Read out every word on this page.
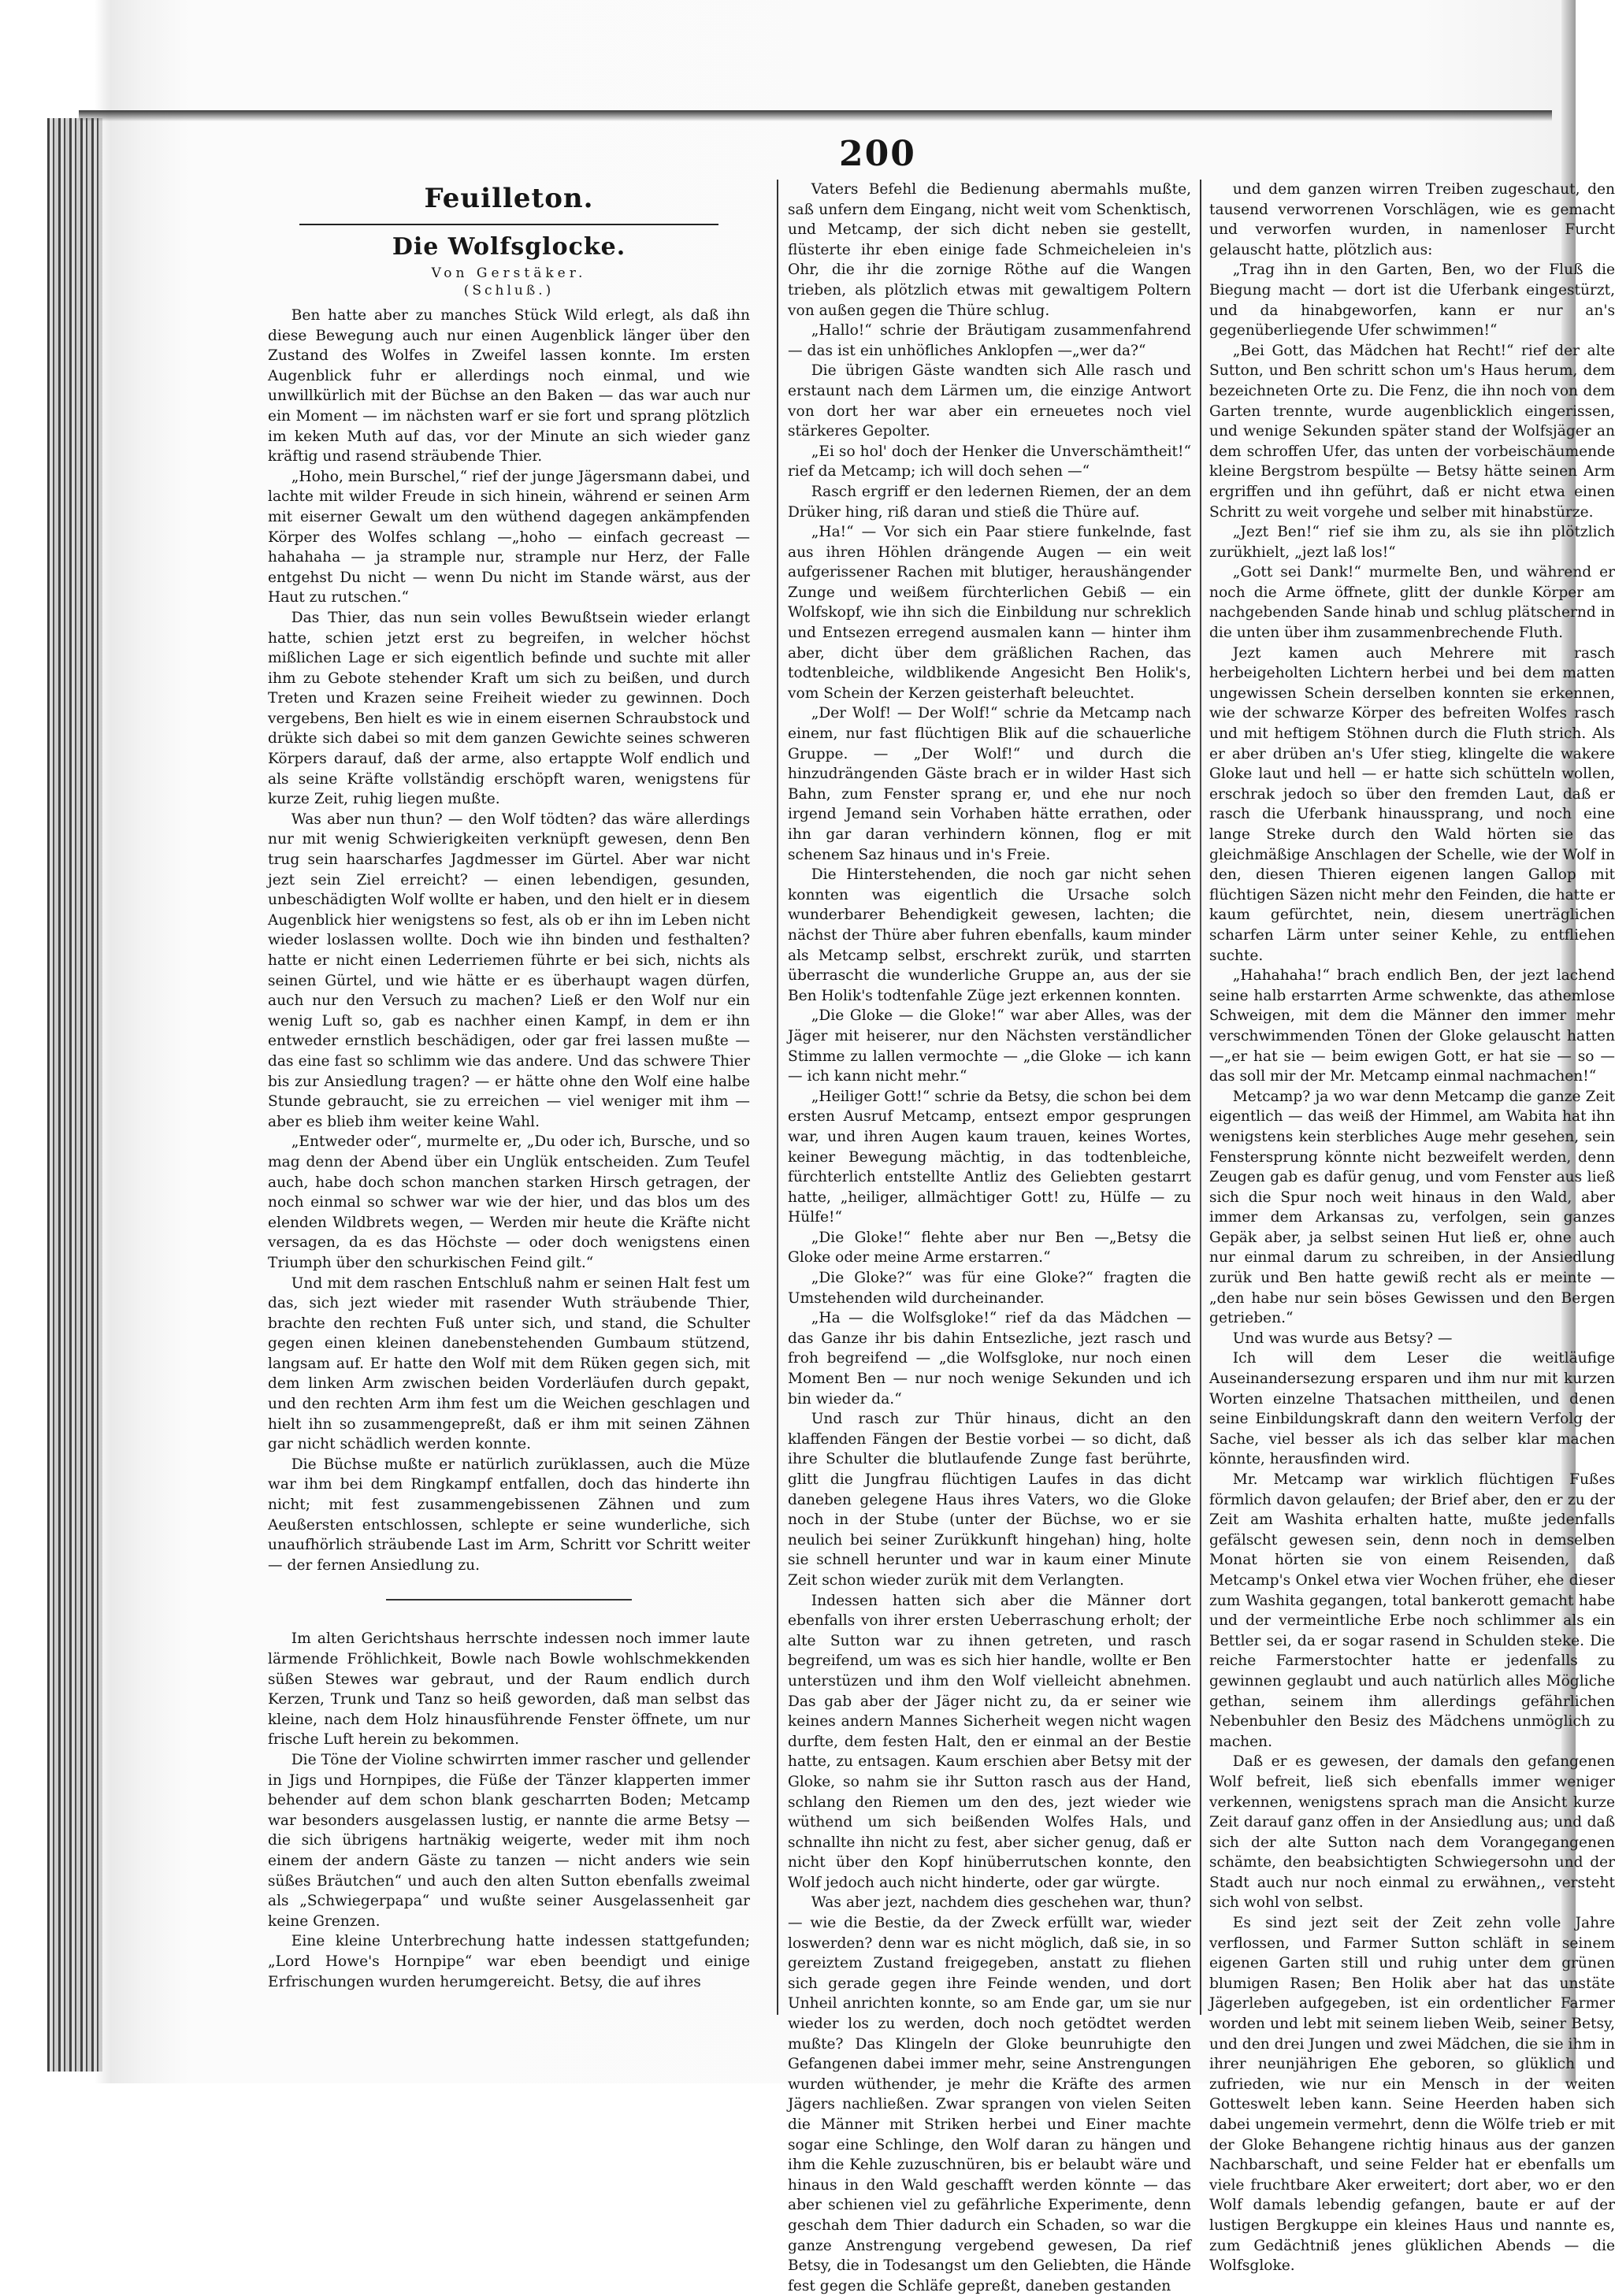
200
Feuilleton.
Die Wolfsglocke.

Von Gerstäker.

(Schluß.)

Ben hatte aber zu manches Stück Wild erlegt, als daß ihn diese Bewegung auch nur einen Augenblick länger über den Zustand des Wolfes in Zweifel lassen konnte. Im ersten Augenblick fuhr er allerdings noch einmal, und wie unwillkürlich mit der Büchse an den Baken — das war auch nur ein Moment — im nächsten warf er sie fort und sprang plötzlich im keken Muth auf das, vor der Minute an sich wieder ganz kräftig und rasend sträubende Thier.

„Hoho, mein Burschel,“ rief der junge Jägersmann dabei, und lachte mit wilder Freude in sich hinein, während er seinen Arm mit eiserner Gewalt um den wüthend dagegen ankämpfenden Körper des Wolfes schlang —„hoho — einfach gecreast — hahahaha — ja strample nur, strample nur Herz, der Falle entgehst Du nicht — wenn Du nicht im Stande wärst, aus der Haut zu rutschen.“

Das Thier, das nun sein volles Bewußtsein wieder erlangt hatte, schien jetzt erst zu begreifen, in welcher höchst mißlichen Lage er sich eigentlich befinde und suchte mit aller ihm zu Gebote stehender Kraft um sich zu beißen, und durch Treten und Krazen seine Freiheit wieder zu gewinnen. Doch vergebens, Ben hielt es wie in einem eisernen Schraubstock und drükte sich dabei so mit dem ganzen Gewichte seines schweren Körpers darauf, daß der arme, also ertappte Wolf endlich und als seine Kräfte vollständig erschöpft waren, wenigstens für kurze Zeit, ruhig liegen mußte.

Was aber nun thun? — den Wolf tödten? das wäre allerdings nur mit wenig Schwierigkeiten verknüpft gewesen, denn Ben trug sein haarscharfes Jagdmesser im Gürtel. Aber war nicht jezt sein Ziel erreicht? — einen lebendigen, gesunden, unbeschädigten Wolf wollte er haben, und den hielt er in diesem Augenblick hier wenigstens so fest, als ob er ihn im Leben nicht wieder loslassen wollte. Doch wie ihn binden und festhalten? hatte er nicht einen Lederriemen führte er bei sich, nichts als seinen Gürtel, und wie hätte er es überhaupt wagen dürfen, auch nur den Versuch zu machen? Ließ er den Wolf nur ein wenig Luft so, gab es nachher einen Kampf, in dem er ihn entweder ernstlich beschädigen, oder gar frei lassen mußte — das eine fast so schlimm wie das andere. Und das schwere Thier bis zur Ansiedlung tragen? — er hätte ohne den Wolf eine halbe Stunde gebraucht, sie zu erreichen — viel weniger mit ihm — aber es blieb ihm weiter keine Wahl.

„Entweder oder“, murmelte er, „Du oder ich, Bursche, und so mag denn der Abend über ein Unglük entscheiden. Zum Teufel auch, habe doch schon manchen starken Hirsch getragen, der noch einmal so schwer war wie der hier, und das blos um des elenden Wildbrets wegen, — Werden mir heute die Kräfte nicht versagen, da es das Höchste — oder doch wenigstens einen Triumph über den schurkischen Feind gilt.“

Und mit dem raschen Entschluß nahm er seinen Halt fest um das, sich jezt wieder mit rasender Wuth sträubende Thier, brachte den rechten Fuß unter sich, und stand, die Schulter gegen einen kleinen danebenstehenden Gumbaum stützend, langsam auf. Er hatte den Wolf mit dem Rüken gegen sich, mit dem linken Arm zwischen beiden Vorderläufen durch gepakt, und den rechten Arm ihm fest um die Weichen geschlagen und hielt ihn so zusammengepreßt, daß er ihm mit seinen Zähnen gar nicht schädlich werden konnte.

Die Büchse mußte er natürlich zurüklassen, auch die Müze war ihm bei dem Ringkampf entfallen, doch das hinderte ihn nicht; mit fest zusammengebissenen Zähnen und zum Aeußersten entschlossen, schlepte er seine wunderliche, sich unaufhörlich sträubende Last im Arm, Schritt vor Schritt weiter — der fernen Ansiedlung zu.

Im alten Gerichtshaus herrschte indessen noch immer laute lärmende Fröhlichkeit, Bowle nach Bowle wohlschmekkenden süßen Stewes war gebraut, und der Raum endlich durch Kerzen, Trunk und Tanz so heiß geworden, daß man selbst das kleine, nach dem Holz hinausführende Fenster öffnete, um nur frische Luft herein zu bekommen.

Die Töne der Violine schwirrten immer rascher und gellender in Jigs und Hornpipes, die Füße der Tänzer klapperten immer behender auf dem schon blank gescharrten Boden; Metcamp war besonders ausgelassen lustig, er nannte die arme Betsy — die sich übrigens hartnäkig weigerte, weder mit ihm noch einem der andern Gäste zu tanzen — nicht anders wie sein süßes Bräutchen“ und auch den alten Sutton ebenfalls zweimal als „Schwiegerpapa“ und wußte seiner Ausgelassenheit gar keine Grenzen.

Eine kleine Unterbrechung hatte indessen stattgefunden; „Lord Howe's Hornpipe“ war eben beendigt und einige Erfrischungen wurden herumgereicht. Betsy, die auf ihres

Vaters Befehl die Bedienung abermahls mußte, saß unfern dem Eingang, nicht weit vom Schenktisch, und Metcamp, der sich dicht neben sie gestellt, flüsterte ihr eben einige fade Schmeicheleien in's Ohr, die ihr die zornige Röthe auf die Wangen trieben, als plötzlich etwas mit gewaltigem Poltern von außen gegen die Thüre schlug.

„Hallo!“ schrie der Bräutigam zusammenfahrend — das ist ein unhöfliches Anklopfen —„wer da?“

Die übrigen Gäste wandten sich Alle rasch und erstaunt nach dem Lärmen um, die einzige Antwort von dort her war aber ein erneuetes noch viel stärkeres Gepolter.

„Ei so hol' doch der Henker die Unverschämtheit!“ rief da Metcamp; ich will doch sehen —“

Rasch ergriff er den ledernen Riemen, der an dem Drüker hing, riß daran und stieß die Thüre auf.

„Ha!“ — Vor sich ein Paar stiere funkelnde, fast aus ihren Höhlen drängende Augen — ein weit aufgerissener Rachen mit blutiger, heraushängender Zunge und weißem fürchterlichen Gebiß — ein Wolfskopf, wie ihn sich die Einbildung nur schreklich und Entsezen erregend ausmalen kann — hinter ihm aber, dicht über dem gräßlichen Rachen, das todtenbleiche, wildblikende Angesicht Ben Holik's, vom Schein der Kerzen geisterhaft beleuchtet.

„Der Wolf! — Der Wolf!“ schrie da Metcamp nach einem, nur fast flüchtigen Blik auf die schauerliche Gruppe. — „Der Wolf!“ und durch die hinzudrängenden Gäste brach er in wilder Hast sich Bahn, zum Fenster sprang er, und ehe nur noch irgend Jemand sein Vorhaben hätte errathen, oder ihn gar daran verhindern können, flog er mit schenem Saz hinaus und in's Freie.

Die Hinterstehenden, die noch gar nicht sehen konnten was eigentlich die Ursache solch wunderbarer Behendigkeit gewesen, lachten; die nächst der Thüre aber fuhren ebenfalls, kaum minder als Metcamp selbst, erschrekt zurük, und starrten überrascht die wunderliche Gruppe an, aus der sie Ben Holik's todtenfahle Züge jezt erkennen konnten.

„Die Gloke — die Gloke!“ war aber Alles, was der Jäger mit heiserer, nur den Nächsten verständlicher Stimme zu lallen vermochte — „die Gloke — ich kann — ich kann nicht mehr.“

„Heiliger Gott!“ schrie da Betsy, die schon bei dem ersten Ausruf Metcamp, entsezt empor gesprungen war, und ihren Augen kaum trauen, keines Wortes, keiner Bewegung mächtig, in das todtenbleiche, fürchterlich entstellte Antliz des Geliebten gestarrt hatte, „heiliger, allmächtiger Gott! zu, Hülfe — zu Hülfe!“

„Die Gloke!“ flehte aber nur Ben —„Betsy die Gloke oder meine Arme erstarren.“

„Die Gloke?“ was für eine Gloke?“ fragten die Umstehenden wild durcheinander.

„Ha — die Wolfsgloke!“ rief da das Mädchen — das Ganze ihr bis dahin Entsezliche, jezt rasch und froh begreifend — „die Wolfsgloke, nur noch einen Moment Ben — nur noch wenige Sekunden und ich bin wieder da.“

Und rasch zur Thür hinaus, dicht an den klaffenden Fängen der Bestie vorbei — so dicht, daß ihre Schulter die blutlaufende Zunge fast berührte, glitt die Jungfrau flüchtigen Laufes in das dicht daneben gelegene Haus ihres Vaters, wo die Gloke noch in der Stube (unter der Büchse, wo er sie neulich bei seiner Zurükkunft hingehan) hing, holte sie schnell herunter und war in kaum einer Minute Zeit schon wieder zurük mit dem Verlangten.

Indessen hatten sich aber die Männer dort ebenfalls von ihrer ersten Ueberraschung erholt; der alte Sutton war zu ihnen getreten, und rasch begreifend, um was es sich hier handle, wollte er Ben unterstüzen und ihm den Wolf vielleicht abnehmen. Das gab aber der Jäger nicht zu, da er seiner wie keines andern Mannes Sicherheit wegen nicht wagen durfte, dem festen Halt, den er einmal an der Bestie hatte, zu entsagen. Kaum erschien aber Betsy mit der Gloke, so nahm sie ihr Sutton rasch aus der Hand, schlang den Riemen um den des, jezt wieder wie wüthend um sich beißenden Wolfes Hals, und schnallte ihn nicht zu fest, aber sicher genug, daß er nicht über den Kopf hinüberrutschen konnte, den Wolf jedoch auch nicht hinderte, oder gar würgte.

Was aber jezt, nachdem dies geschehen war, thun? — wie die Bestie, da der Zweck erfüllt war, wieder loswerden? denn war es nicht möglich, daß sie, in so gereiztem Zustand freigegeben, anstatt zu fliehen sich gerade gegen ihre Feinde wenden, und dort Unheil anrichten konnte, so am Ende gar, um sie nur wieder los zu werden, doch noch getödtet werden mußte? Das Klingeln der Gloke beunruhigte den Gefangenen dabei immer mehr, seine Anstrengungen wurden wüthender, je mehr die Kräfte des armen Jägers nachließen. Zwar sprangen von vielen Seiten die Männer mit Striken herbei und Einer machte sogar eine Schlinge, den Wolf daran zu hängen und ihm die Kehle zuzuschnüren, bis er belaubt wäre und hinaus in den Wald geschafft werden könnte — das aber schienen viel zu gefährliche Experimente, denn geschah dem Thier dadurch ein Schaden, so war die ganze Anstrengung vergebend gewesen, Da rief Betsy, die in Todesangst um den Geliebten, die Hände fest gegen die Schläfe gepreßt, daneben gestanden

und dem ganzen wirren Treiben zugeschaut, den tausend verworrenen Vorschlägen, wie es gemacht und verworfen wurden, in namenloser Furcht gelauscht hatte, plötzlich aus:

„Trag ihn in den Garten, Ben, wo der Fluß die Biegung macht — dort ist die Uferbank eingestürzt, und da hinabgeworfen, kann er nur an's gegenüberliegende Ufer schwimmen!“

„Bei Gott, das Mädchen hat Recht!“ rief der alte Sutton, und Ben schritt schon um's Haus herum, dem bezeichneten Orte zu. Die Fenz, die ihn noch von dem Garten trennte, wurde augenblicklich eingerissen, und wenige Sekunden später stand der Wolfsjäger an dem schroffen Ufer, das unten der vorbeischäumende kleine Bergstrom bespülte — Betsy hätte seinen Arm ergriffen und ihn geführt, daß er nicht etwa einen Schritt zu weit vorgehe und selber mit hinabstürze.

„Jezt Ben!“ rief sie ihm zu, als sie ihn plötzlich zurükhielt, „jezt laß los!“

„Gott sei Dank!“ murmelte Ben, und während er noch die Arme öffnete, glitt der dunkle Körper am nachgebenden Sande hinab und schlug plätschernd in die unten über ihm zusammenbrechende Fluth.

Jezt kamen auch Mehrere mit rasch herbeigeholten Lichtern herbei und bei dem matten ungewissen Schein derselben konnten sie erkennen, wie der schwarze Körper des befreiten Wolfes rasch und mit heftigem Stöhnen durch die Fluth strich. Als er aber drüben an's Ufer stieg, klingelte die wakere Gloke laut und hell — er hatte sich schütteln wollen, erschrak jedoch so über den fremden Laut, daß er rasch die Uferbank hinaussprang, und noch eine lange Streke durch den Wald hörten sie das gleichmäßige Anschlagen der Schelle, wie der Wolf in den, diesen Thieren eigenen langen Gallop mit flüchtigen Säzen nicht mehr den Feinden, die hatte er kaum gefürchtet, nein, diesem unerträglichen scharfen Lärm unter seiner Kehle, zu entfliehen suchte.

„Hahahaha!“ brach endlich Ben, der jezt lachend seine halb erstarrten Arme schwenkte, das athemlose Schweigen, mit dem die Männer den immer mehr verschwimmenden Tönen der Gloke gelauscht hatten —„er hat sie — beim ewigen Gott, er hat sie — so — das soll mir der Mr. Metcamp einmal nachmachen!“

Metcamp? ja wo war denn Metcamp die ganze Zeit eigentlich — das weiß der Himmel, am Wabita hat ihn wenigstens kein sterbliches Auge mehr gesehen, sein Fenstersprung könnte nicht bezweifelt werden, denn Zeugen gab es dafür genug, und vom Fenster aus ließ sich die Spur noch weit hinaus in den Wald, aber immer dem Arkansas zu, verfolgen, sein ganzes Gepäk aber, ja selbst seinen Hut ließ er, ohne auch nur einmal darum zu schreiben, in der Ansiedlung zurük und Ben hatte gewiß recht als er meinte — „den habe nur sein böses Gewissen und den Bergen getrieben.“

Und was wurde aus Betsy? —

Ich will dem Leser die weitläufige Auseinandersezung ersparen und ihm nur mit kurzen Worten einzelne Thatsachen mittheilen, und denen seine Einbildungskraft dann den weitern Verfolg der Sache, viel besser als ich das selber klar machen könnte, herausfinden wird.

Mr. Metcamp war wirklich flüchtigen Fußes förmlich davon gelaufen; der Brief aber, den er zu der Zeit am Washita erhalten hatte, mußte jedenfalls gefälscht gewesen sein, denn noch in demselben Monat hörten sie von einem Reisenden, daß Metcamp's Onkel etwa vier Wochen früher, ehe dieser zum Washita gegangen, total bankerott gemacht habe und der vermeintliche Erbe noch schlimmer als ein Bettler sei, da er sogar rasend in Schulden steke. Die reiche Farmerstochter hatte er jedenfalls zu gewinnen geglaubt und auch natürlich alles Mögliche gethan, seinem ihm allerdings gefährlichen Nebenbuhler den Besiz des Mädchens unmöglich zu machen.

Daß er es gewesen, der damals den gefangenen Wolf befreit, ließ sich ebenfalls immer weniger verkennen, wenigstens sprach man die Ansicht kurze Zeit darauf ganz offen in der Ansiedlung aus; und daß sich der alte Sutton nach dem Vorangegangenen schämte, den beabsichtigten Schwiegersohn und der Stadt auch nur noch einmal zu erwähnen,, versteht sich wohl von selbst.

Es sind jezt seit der Zeit zehn volle Jahre verflossen, und Farmer Sutton schläft in seinem eigenen Garten still und ruhig unter dem grünen blumigen Rasen; Ben Holik aber hat das unstäte Jägerleben aufgegeben, ist ein ordentlicher Farmer worden und lebt mit seinem lieben Weib, seiner Betsy, und den drei Jungen und zwei Mädchen, die sie ihm in ihrer neunjährigen Ehe geboren, so glüklich und zufrieden, wie nur ein Mensch in der weiten Gotteswelt leben kann. Seine Heerden haben sich dabei ungemein vermehrt, denn die Wölfe trieb er mit der Gloke Behangene richtig hinaus aus der ganzen Nachbarschaft, und seine Felder hat er ebenfalls um viele fruchtbare Aker erweitert; dort aber, wo er den Wolf damals lebendig gefangen, baute er auf der lustigen Bergkuppe ein kleines Haus und nannte es, zum Gedächtniß jenes glüklichen Abends — die Wolfsgloke.
